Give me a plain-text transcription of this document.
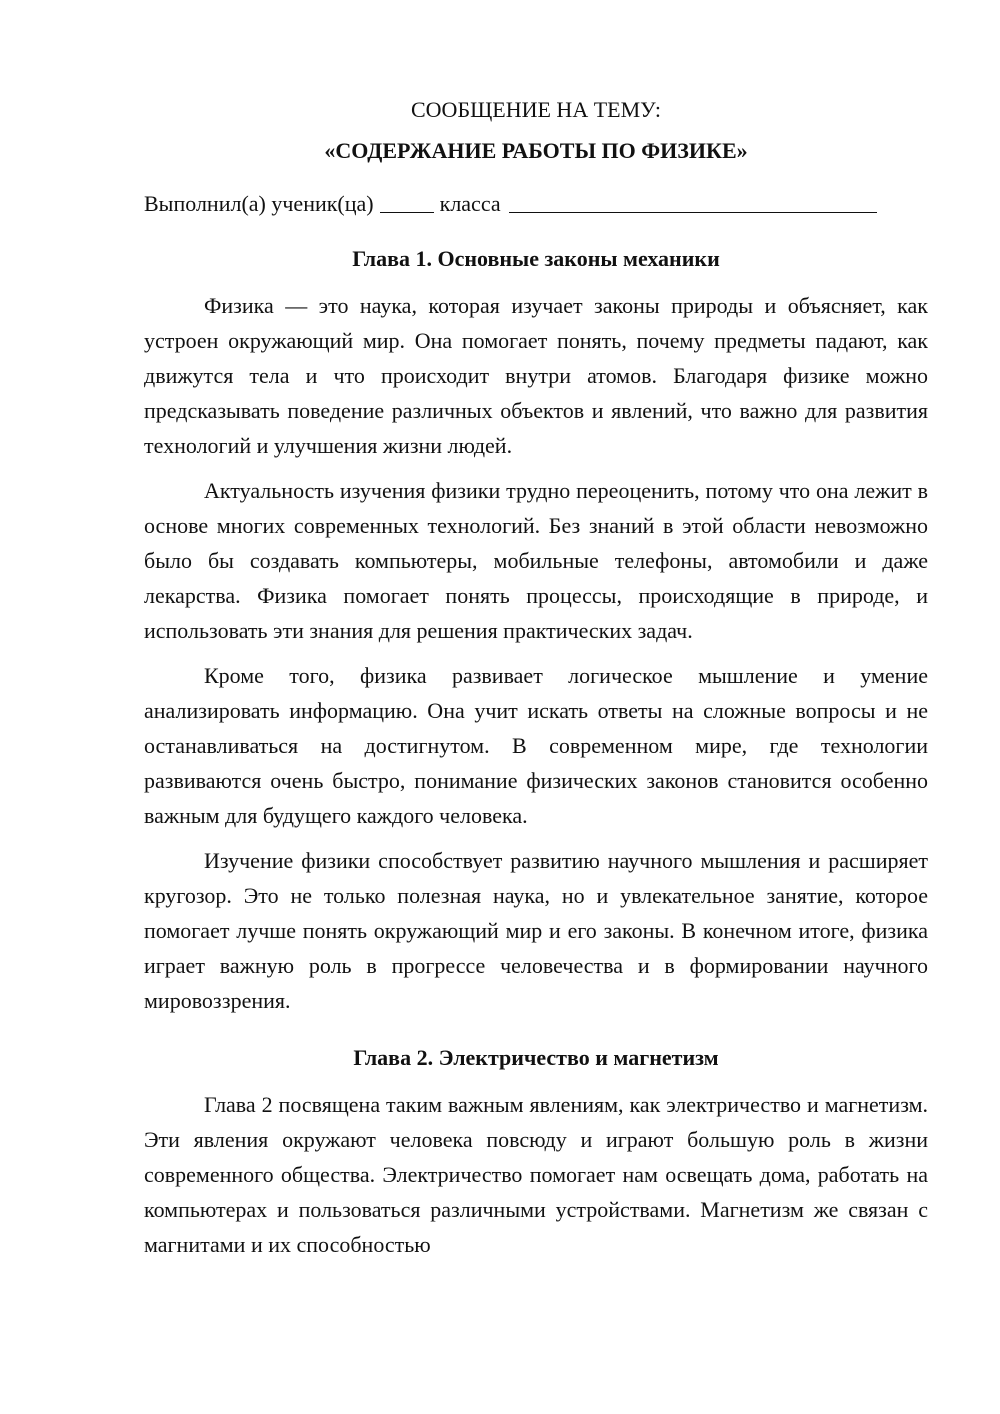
СООБЩЕНИЕ НА ТЕМУ:

«СОДЕРЖАНИЕ РАБОТЫ ПО ФИЗИКЕ»

Выполнил(а) ученик(ца)	класса

Глава 1. Основные законы механики

Физика — это наука, которая изучает законы природы и объясняет, как устроен окружающий мир. Она помогает понять, почему предметы падают, как движутся тела и что происходит внутри атомов. Благодаря физике можно предсказывать поведение различных объектов и явлений, что важно для развития технологий и улучшения жизни людей.

Актуальность изучения физики трудно переоценить, потому что она лежит в основе многих современных технологий. Без знаний в этой области невозможно было бы создавать компьютеры, мобильные телефоны, автомобили и даже лекарства. Физика помогает понять процессы, происходящие в природе, и использовать эти знания для решения практических задач.

Кроме того, физика развивает логическое мышление и умение анализировать информацию. Она учит искать ответы на сложные вопросы и не останавливаться на достигнутом. В современном мире, где технологии развиваются очень быстро, понимание физических законов становится особенно важным для будущего каждого человека.

Изучение физики способствует развитию научного мышления и расширяет кругозор. Это не только полезная наука, но и увлекательное занятие, которое помогает лучше понять окружающий мир и его законы. В конечном итоге, физика играет важную роль в прогрессе человечества и в формировании научного мировоззрения.

Глава 2. Электричество и магнетизм

Глава 2 посвящена таким важным явлениям, как электричество и магнетизм. Эти явления окружают человека повсюду и играют большую роль в жизни современного общества. Электричество помогает нам освещать дома, работать на компьютерах и пользоваться различными устройствами. Магнетизм же связан с магнитами и их способностью
